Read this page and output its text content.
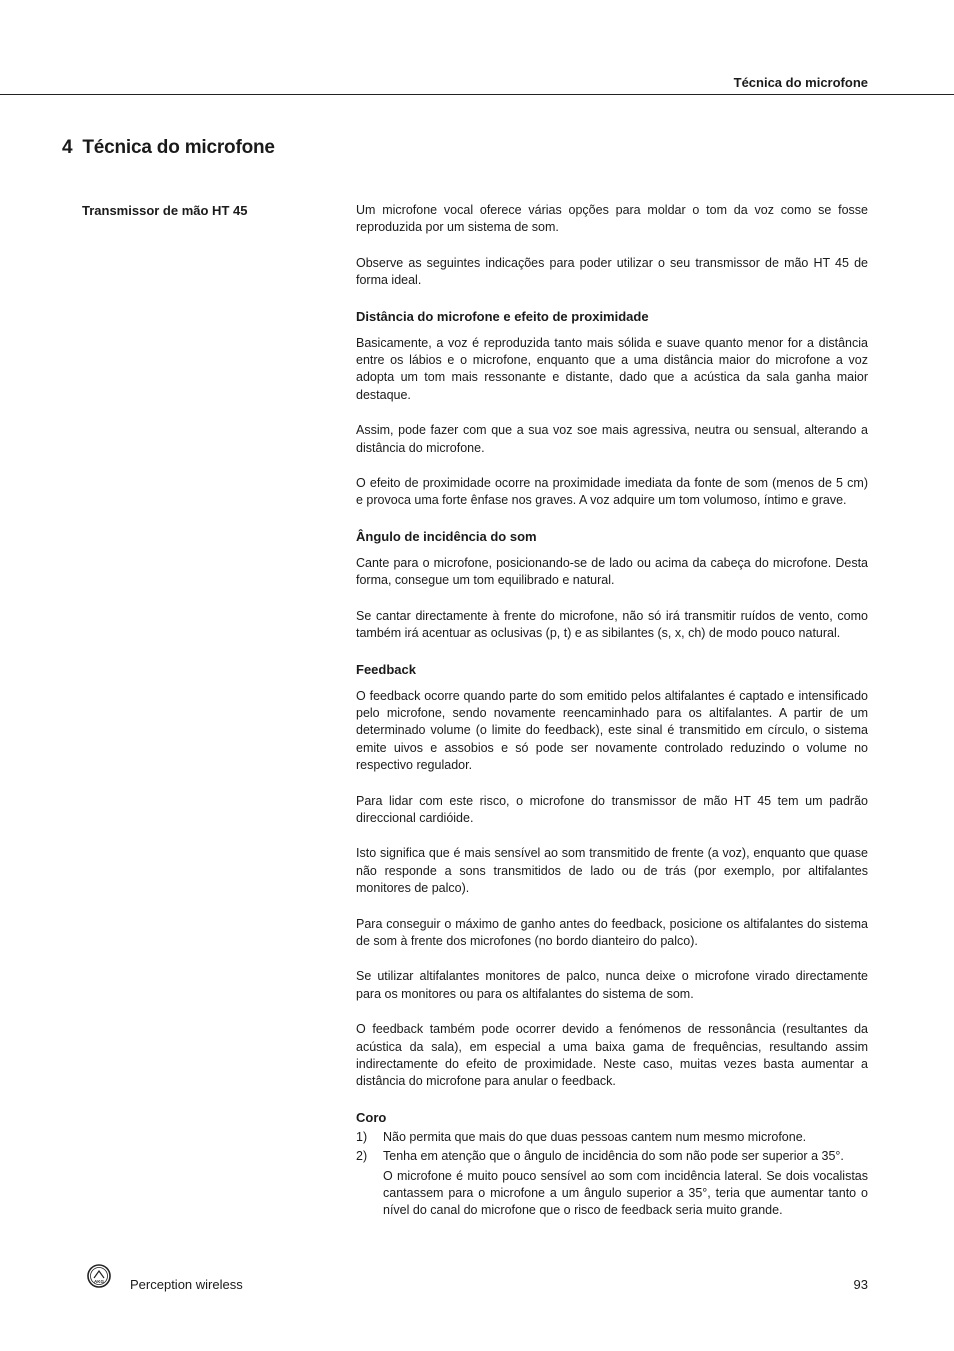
Técnica do microfone
4 Técnica do microfone
Transmissor de mão HT 45	Um microfone vocal oferece várias opções para moldar o tom da voz como se fosse reproduzida por um sistema de som.

Observe as seguintes indicações para poder utilizar o seu transmissor de mão HT 45 de forma ideal.

Distância do microfone e efeito de proximidade

Basicamente, a voz é reproduzida tanto mais sólida e suave quanto menor for a distância entre os lábios e o microfone, enquanto que a uma distância maior do microfone a voz adopta um tom mais ressonante e distante, dado que a acústica da sala ganha maior destaque.

Assim, pode fazer com que a sua voz soe mais agressiva, neutra ou sensual, alterando a distância do microfone.

O efeito de proximidade ocorre na proximidade imediata da fonte de som (menos de 5 cm) e provoca uma forte ênfase nos graves. A voz adquire um tom volumoso, íntimo e grave.

Ângulo de incidência do som

Cante para o microfone, posicionando-se de lado ou acima da cabeça do microfone. Desta forma, consegue um tom equilibrado e natural.

Se cantar directamente à frente do microfone, não só irá transmitir ruídos de vento, como também irá acentuar as oclusivas (p, t) e as sibilantes (s, x, ch) de modo pouco natural.

Feedback

O feedback ocorre quando parte do som emitido pelos altifalantes é captado e intensificado pelo microfone, sendo novamente reencaminhado para os altifalantes. A partir de um determinado volume (o limite do feedback), este sinal é transmitido em círculo, o sistema emite uivos e assobios e só pode ser novamente controlado reduzindo o volume no respectivo regulador.

Para lidar com este risco, o microfone do transmissor de mão HT 45 tem um padrão direccional cardióide.

Isto significa que é mais sensível ao som transmitido de frente (a voz), enquanto que quase não responde a sons transmitidos de lado ou de trás (por exemplo, por altifalantes monitores de palco).

Para conseguir o máximo de ganho antes do feedback, posicione os altifalantes do sistema de som à frente dos microfones (no bordo dianteiro do palco).

Se utilizar altifalantes monitores de palco, nunca deixe o microfone virado directamente para os monitores ou para os altifalantes do sistema de som.

O feedback também pode ocorrer devido a fenómenos de ressonância (resultantes da acústica da sala), em especial a uma baixa gama de frequências, resultando assim indirectamente do efeito de proximidade. Neste caso, muitas vezes basta aumentar a distância do microfone para anular o feedback.

Coro
1) Não permita que mais do que duas pessoas cantem num mesmo microfone.
2) Tenha em atenção que o ângulo de incidência do som não pode ser superior a 35°.
O microfone é muito pouco sensível ao som com incidência lateral. Se dois vocalistas cantassem para o microfone a um ângulo superior a 35°, teria que aumentar tanto o nível do canal do microfone que o risco de feedback seria muito grande.
AKG Perception wireless	93
